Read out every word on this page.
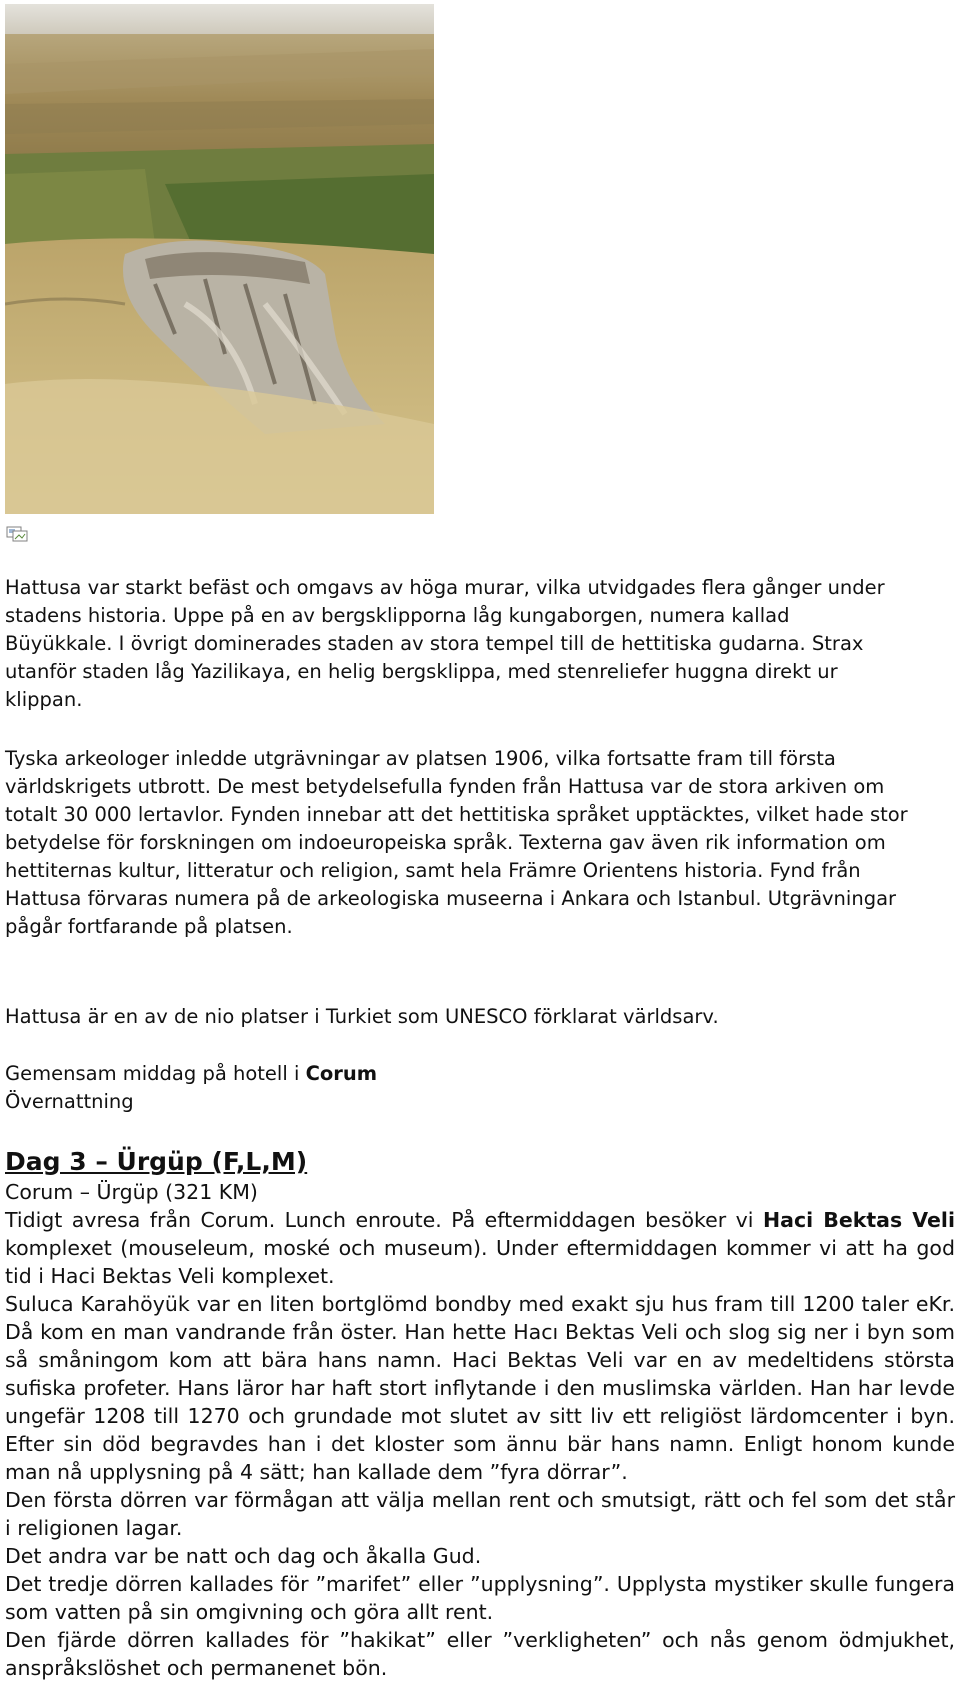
Hattusa var starkt befäst och omgavs av höga murar, vilka utvidgades flera gånger under stadens historia. Uppe på en av bergsklipporna låg kungaborgen, numera kallad Büyükkale. I övrigt dominerades staden av stora tempel till de hettitiska gudarna. Strax utanför staden låg Yazilikaya, en helig bergsklippa, med stenreliefer huggna direkt ur klippan.

Tyska arkeologer inledde utgrävningar av platsen 1906, vilka fortsatte fram till första världskrigets utbrott. De mest betydelsefulla fynden från Hattusa var de stora arkiven om totalt 30 000 lertavlor. Fynden innebar att det hettitiska språket upptäcktes, vilket hade stor betydelse för forskningen om indoeuropeiska språk. Texterna gav även rik information om hettiternas kultur, litteratur och religion, samt hela Främre Orientens historia. Fynd från Hattusa förvaras numera på de arkeologiska museerna i Ankara och Istanbul. Utgrävningar pågår fortfarande på platsen.

Hattusa är en av de nio platser i Turkiet som UNESCO förklarat världsarv.

Gemensam middag på hotell i Corum
Övernattning
Dag 3 – Ürgüp (F,L,M)
Corum – Ürgüp (321 KM)
Tidigt avresa från Corum. Lunch enroute. På eftermiddagen besöker vi Haci Bektas Veli komplexet (mouseleum, moské och museum). Under eftermiddagen kommer vi att ha god tid i Haci Bektas Veli komplexet.
Suluca Karahöyük var en liten bortglömd bondby med exakt sju hus fram till 1200 taler eKr. Då kom en man vandrande från öster. Han hette Hacı Bektas Veli och slog sig ner i byn som så småningom kom att bära hans namn. Haci Bektas Veli var en av medeltidens största sufiska profeter. Hans läror har haft stort inflytande i den muslimska världen. Han har levde ungefär 1208 till 1270 och grundade mot slutet av sitt liv ett religiöst lärdomcenter i byn. Efter sin död begravdes han i det kloster som ännu bär hans namn. Enligt honom kunde man nå upplysning på 4 sätt; han kallade dem ”fyra dörrar”.
Den första dörren var förmågan att välja mellan rent och smutsigt, rätt och fel som det står i religionen lagar.
Det andra var be natt och dag och åkalla Gud.
Det tredje dörren kallades för ”marifet” eller ”upplysning”. Upplysta mystiker skulle fungera som vatten på sin omgivning och göra allt rent.
Den fjärde dörren kallades för ”hakikat” eller ”verkligheten” och nås genom ödmjukhet, anspråkslöshet och permanenet bön.
